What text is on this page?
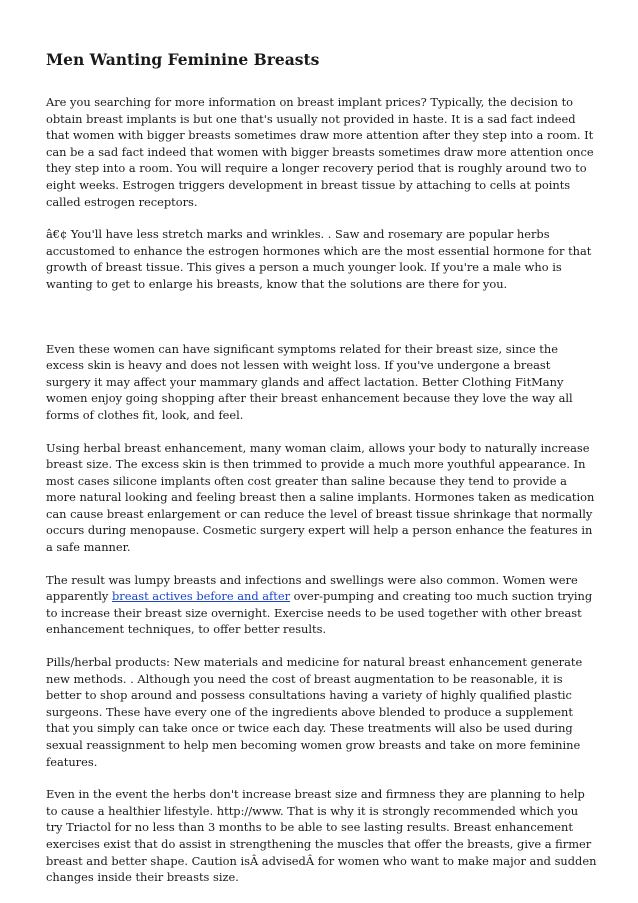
Men Wanting Feminine Breasts

Are you searching for more information on breast implant prices? Typically, the decision to obtain breast implants is but one that's usually not provided in haste. It is a sad fact indeed that women with bigger breasts sometimes draw more attention after they step into a room. It can be a sad fact indeed that women with bigger breasts sometimes draw more attention once they step into a room. You will require a longer recovery period that is roughly around two to eight weeks. Estrogen triggers development in breast tissue by attaching to cells at points called estrogen receptors.

â€¢ You'll have less stretch marks and wrinkles. . Saw and rosemary are popular herbs accustomed to enhance the estrogen hormones which are the most essential hormone for that growth of breast tissue. This gives a person a much younger look. If you're a male who is wanting to get to enlarge his breasts, know that the solutions are there for you.

Even these women can have significant symptoms related for their breast size, since the excess skin is heavy and does not lessen with weight loss. If you've undergone a breast surgery it may affect your mammary glands and affect lactation. Better Clothing FitMany women enjoy going shopping after their breast enhancement because they love the way all forms of clothes fit, look, and feel.

Using herbal breast enhancement, many woman claim, allows your body to naturally increase breast size. The excess skin is then trimmed to provide a much more youthful appearance. In most cases silicone implants often cost greater than saline because they tend to provide a more natural looking and feeling breast then a saline implants. Hormones taken as medication can cause breast enlargement or can reduce the level of breast tissue shrinkage that normally occurs during menopause. Cosmetic surgery expert will help a person enhance the features in a safe manner.

The result was lumpy breasts and infections and swellings were also common. Women were apparently breast actives before and after over-pumping and creating too much suction trying to increase their breast size overnight. Exercise needs to be used together with other breast enhancement techniques, to offer better results.

Pills/herbal products: New materials and medicine for natural breast enhancement generate new methods. . Although you need the cost of breast augmentation to be reasonable, it is better to shop around and possess consultations having a variety of highly qualified plastic surgeons. These have every one of the ingredients above blended to produce a supplement that you simply can take once or twice each day. These treatments will also be used during sexual reassignment to help men becoming women grow breasts and take on more feminine features.

Even in the event the herbs don't increase breast size and firmness they are planning to help to cause a healthier lifestyle. http://www. That is why it is strongly recommended which you try Triactol for no less than 3 months to be able to see lasting results. Breast enhancement exercises exist that do assist in strengthening the muscles that offer the breasts, give a firmer breast and better shape. Caution isÂ advisedÂ for women who want to make major and sudden changes inside their breasts size.
